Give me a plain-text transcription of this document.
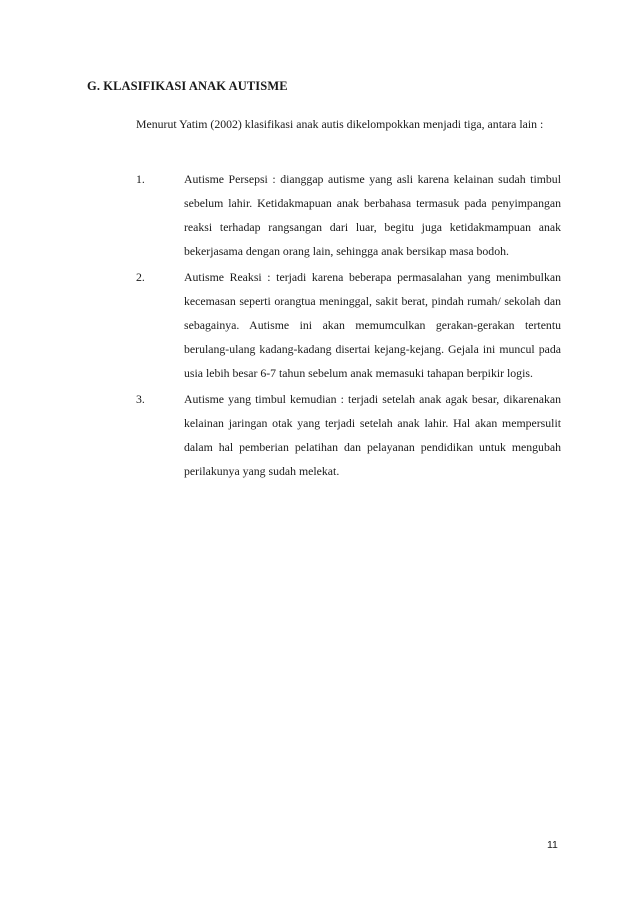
G. KLASIFIKASI ANAK AUTISME

Menurut Yatim (2002) klasifikasi anak autis dikelompokkan menjadi tiga, antara lain :

1.	Autisme Persepsi : dianggap autisme yang asli karena kelainan sudah timbul sebelum lahir. Ketidakmapuan anak berbahasa termasuk pada penyimpangan reaksi terhadap rangsangan dari luar, begitu juga ketidakmampuan anak bekerjasama dengan orang lain, sehingga anak bersikap masa bodoh.

2.	Autisme Reaksi : terjadi karena beberapa permasalahan yang menimbulkan kecemasan seperti orangtua meninggal, sakit berat, pindah rumah/ sekolah dan sebagainya. Autisme ini akan memumculkan gerakan-gerakan tertentu berulang-ulang kadang-kadang disertai kejang-kejang. Gejala ini muncul pada usia lebih besar 6-7 tahun sebelum anak memasuki tahapan berpikir logis.

3.	Autisme yang timbul kemudian : terjadi setelah anak agak besar, dikarenakan kelainan jaringan otak yang terjadi setelah anak lahir. Hal akan mempersulit dalam hal pemberian pelatihan dan pelayanan pendidikan untuk mengubah perilakunya yang sudah melekat.

11
